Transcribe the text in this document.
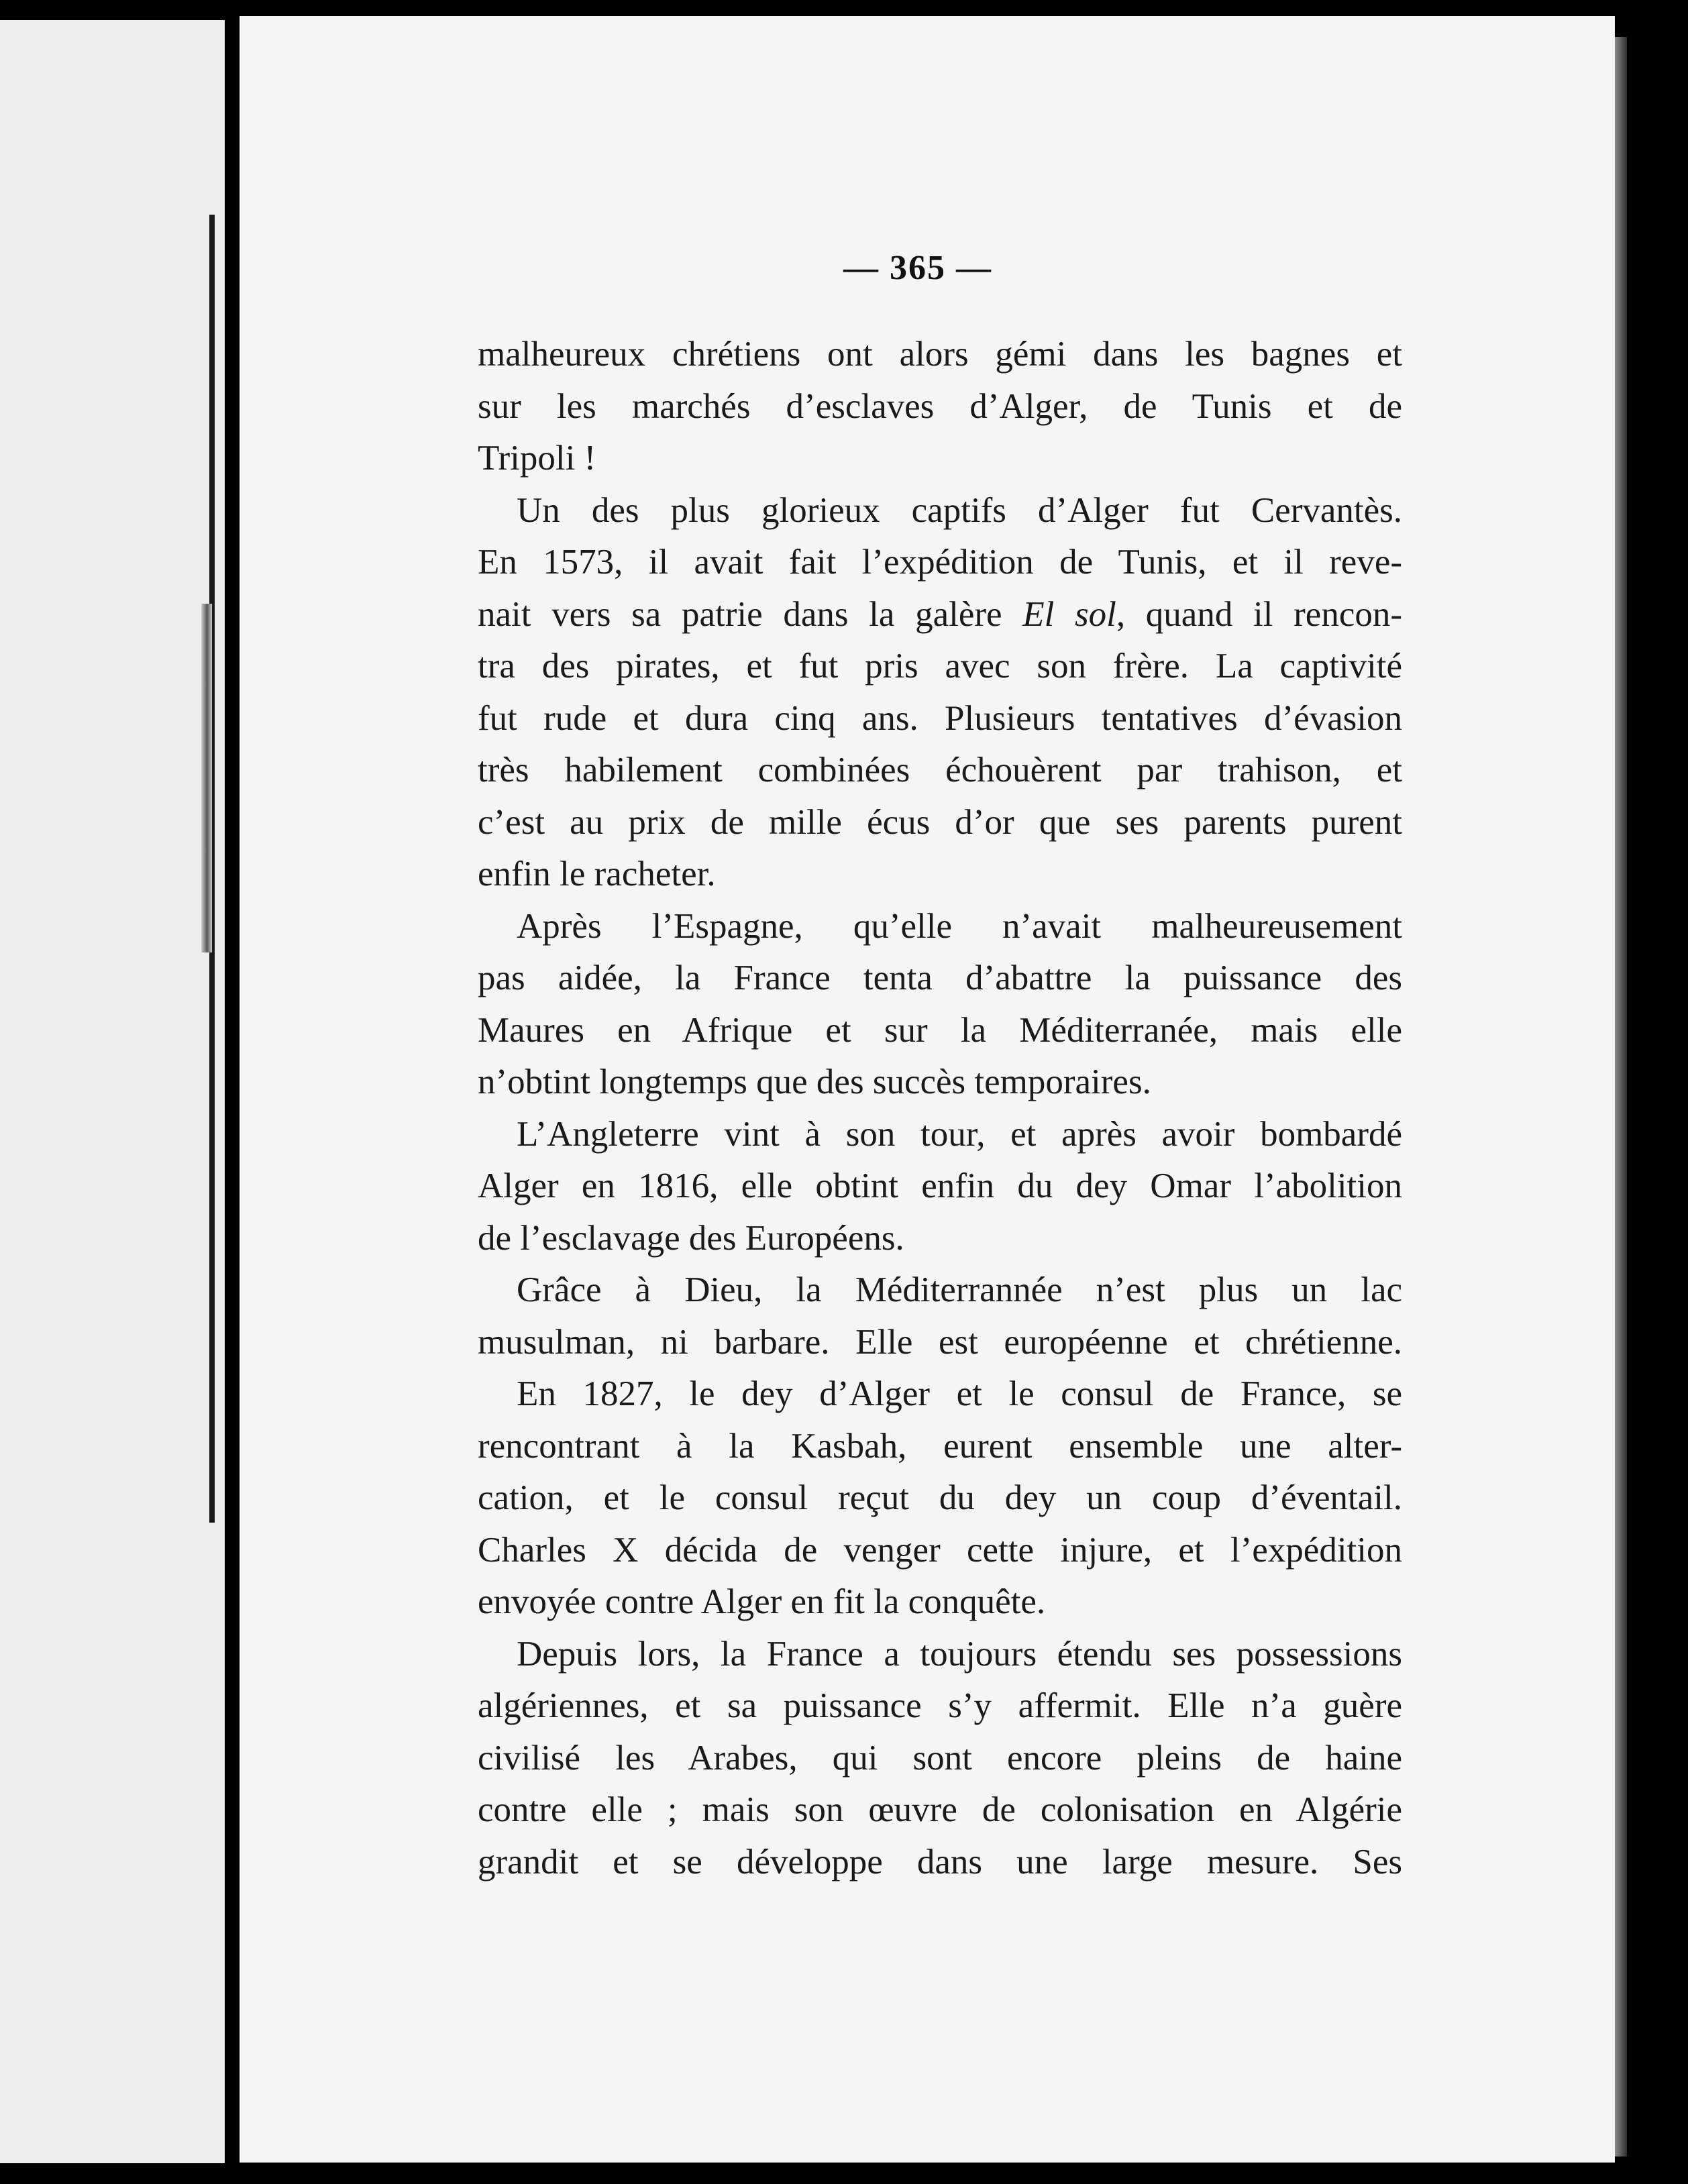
— 365 —
malheureux chrétiens ont alors gémi dans les bagnes et
sur les marchés d’esclaves d’Alger, de Tunis et de
Tripoli !
Un des plus glorieux captifs d’Alger fut Cervantès.
En 1573, il avait fait l’expédition de Tunis, et il reve-
nait vers sa patrie dans la galère El sol, quand il rencon-
tra des pirates, et fut pris avec son frère. La captivité
fut rude et dura cinq ans. Plusieurs tentatives d’évasion
très habilement combinées échouèrent par trahison, et
c’est au prix de mille écus d’or que ses parents purent
enfin le racheter.
Après l’Espagne, qu’elle n’avait malheureusement
pas aidée, la France tenta d’abattre la puissance des
Maures en Afrique et sur la Méditerranée, mais elle
n’obtint longtemps que des succès temporaires.
L’Angleterre vint à son tour, et après avoir bombardé
Alger en 1816, elle obtint enfin du dey Omar l’abolition
de l’esclavage des Européens.
Grâce à Dieu, la Méditerrannée n’est plus un lac
musulman, ni barbare. Elle est européenne et chrétienne.
En 1827, le dey d’Alger et le consul de France, se
rencontrant à la Kasbah, eurent ensemble une alter-
cation, et le consul reçut du dey un coup d’éventail.
Charles X décida de venger cette injure, et l’expédition
envoyée contre Alger en fit la conquête.
Depuis lors, la France a toujours étendu ses possessions
algériennes, et sa puissance s’y affermit. Elle n’a guère
civilisé les Arabes, qui sont encore pleins de haine
contre elle ; mais son œuvre de colonisation en Algérie
grandit et se développe dans une large mesure. Ses
